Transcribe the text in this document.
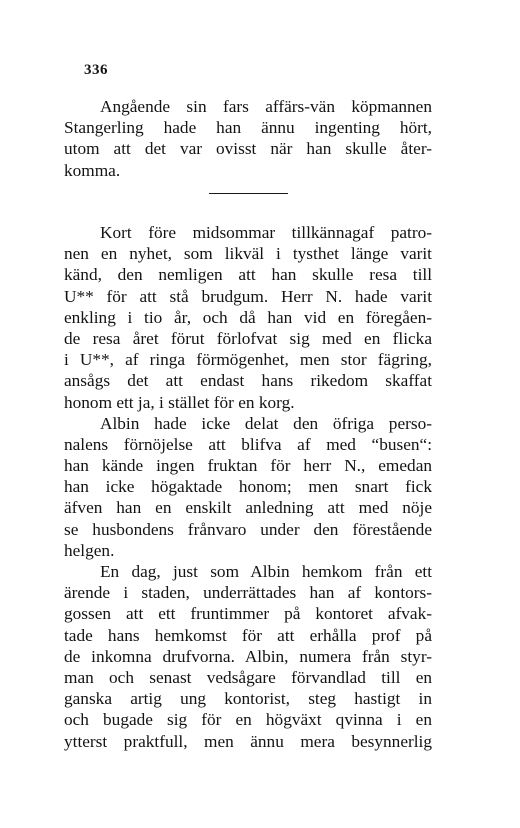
336
Angående sin fars affärs-vän köpmannen
Stangerling hade han ännu ingenting hört,
utom att det var ovisst när han skulle åter-
komma.
Kort före midsommar tillkännagaf patro-
nen en nyhet, som likväl i tysthet länge varit
känd, den nemligen att han skulle resa till
U** för att stå brudgum. Herr N. hade varit
enkling i tio år, och då han vid en föregåen-
de resa året förut förlofvat sig med en flicka
i U**, af ringa förmögenhet, men stor fägring,
ansågs det att endast hans rikedom skaffat
honom ett ja, i stället för en korg.
Albin hade icke delat den öfriga perso-
nalens förnöjelse att blifva af med “busen“:
han kände ingen fruktan för herr N., emedan
han icke högaktade honom; men snart fick
äfven han en enskilt anledning att med nöje
se husbondens frånvaro under den förestående
helgen.
En dag, just som Albin hemkom från ett
ärende i staden, underrättades han af kontors-
gossen att ett fruntimmer på kontoret afvak-
tade hans hemkomst för att erhålla prof på
de inkomna drufvorna. Albin, numera från styr-
man och senast vedsågare förvandlad till en
ganska artig ung kontorist, steg hastigt in
och bugade sig för en högväxt qvinna i en
ytterst praktfull, men ännu mera besynnerlig
